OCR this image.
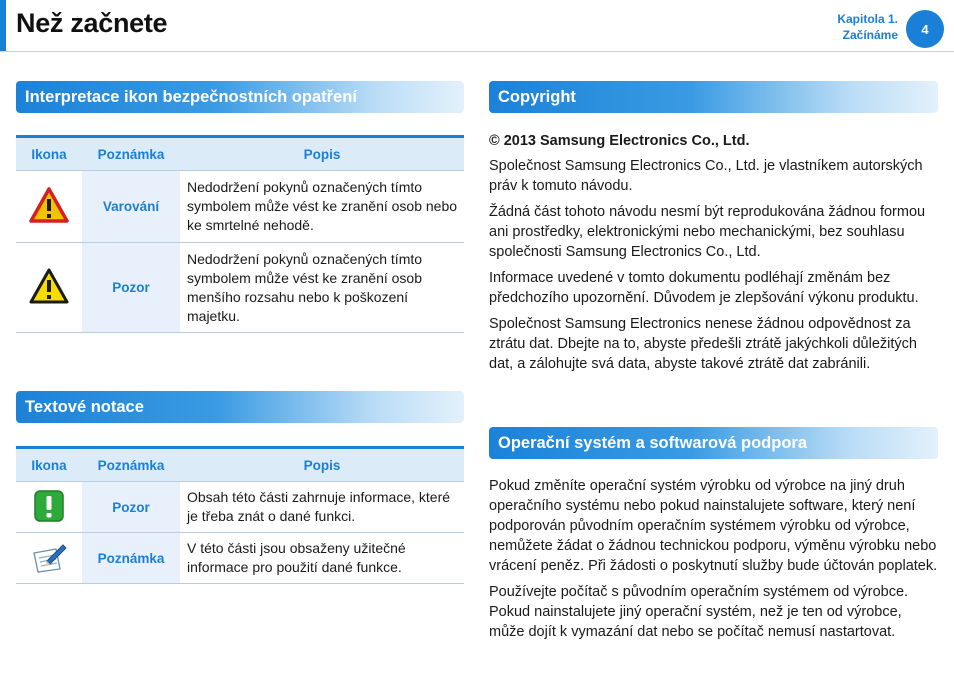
Než začnete	Kapitola 1.
Začínáme	4
Interpretace ikon bezpečnostních opatření
Ikona	Poznámka	Popis
	Varování	Nedodržení pokynů označených tímto symbolem může vést ke zranění osob nebo ke smrtelné nehodě.
	Pozor	Nedodržení pokynů označených tímto symbolem může vést ke zranění osob menšího rozsahu nebo k poškození majetku.
Textové notace
Ikona	Poznámka	Popis
	Pozor	Obsah této části zahrnuje informace, které je třeba znát o dané funkci.
	Poznámka	V této části jsou obsaženy užitečné informace pro použití dané funkce.
Copyright

© 2013 Samsung Electronics Co., Ltd.

Společnost Samsung Electronics Co., Ltd. je vlastníkem autorských práv k tomuto návodu.

Žádná část tohoto návodu nesmí být reprodukována žádnou formou ani prostředky, elektronickými nebo mechanickými, bez souhlasu společnosti Samsung Electronics Co., Ltd.

Informace uvedené v tomto dokumentu podléhají změnám bez předchozího upozornění. Důvodem je zlepšování výkonu produktu.

Společnost Samsung Electronics nenese žádnou odpovědnost za ztrátu dat. Dbejte na to, abyste předešli ztrátě jakýchkoli důležitých dat, a zálohujte svá data, abyste takové ztrátě dat zabránili.

Operační systém a softwarová podpora

Pokud změníte operační systém výrobku od výrobce na jiný druh operačního systému nebo pokud nainstalujete software, který není podporován původním operačním systémem výrobku od výrobce, nemůžete žádat o žádnou technickou podporu, výměnu výrobku nebo vrácení peněz. Při žádosti o poskytnutí služby bude účtován poplatek.

Používejte počítač s původním operačním systémem od výrobce. Pokud nainstalujete jiný operační systém, než je ten od výrobce, může dojít k vymazání dat nebo se počítač nemusí nastartovat.
